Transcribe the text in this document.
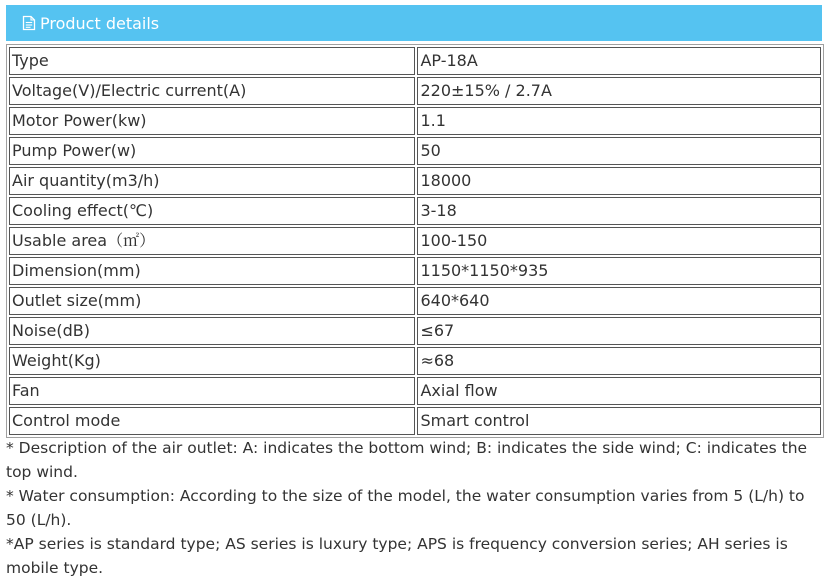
Product details
Type	AP-18A
Voltage(V)/Electric current(A)	220±15% / 2.7A
Motor Power(kw)	1.1
Pump Power(w)	50
Air quantity(m3/h)	18000
Cooling effect(℃)	3-18
Usable area（㎡）	100-150
Dimension(mm)	1150*1150*935
Outlet size(mm)	640*640
Noise(dB)	≤67
Weight(Kg)	≈68
Fan	Axial flow
Control mode	Smart control

* Description of the air outlet: A: indicates the bottom wind; B: indicates the side wind; C: indicates the top wind.

* Water consumption: According to the size of the model, the water consumption varies from 5 (L/h) to 50 (L/h).

*AP series is standard type; AS series is luxury type; APS is frequency conversion series; AH series is mobile type.
